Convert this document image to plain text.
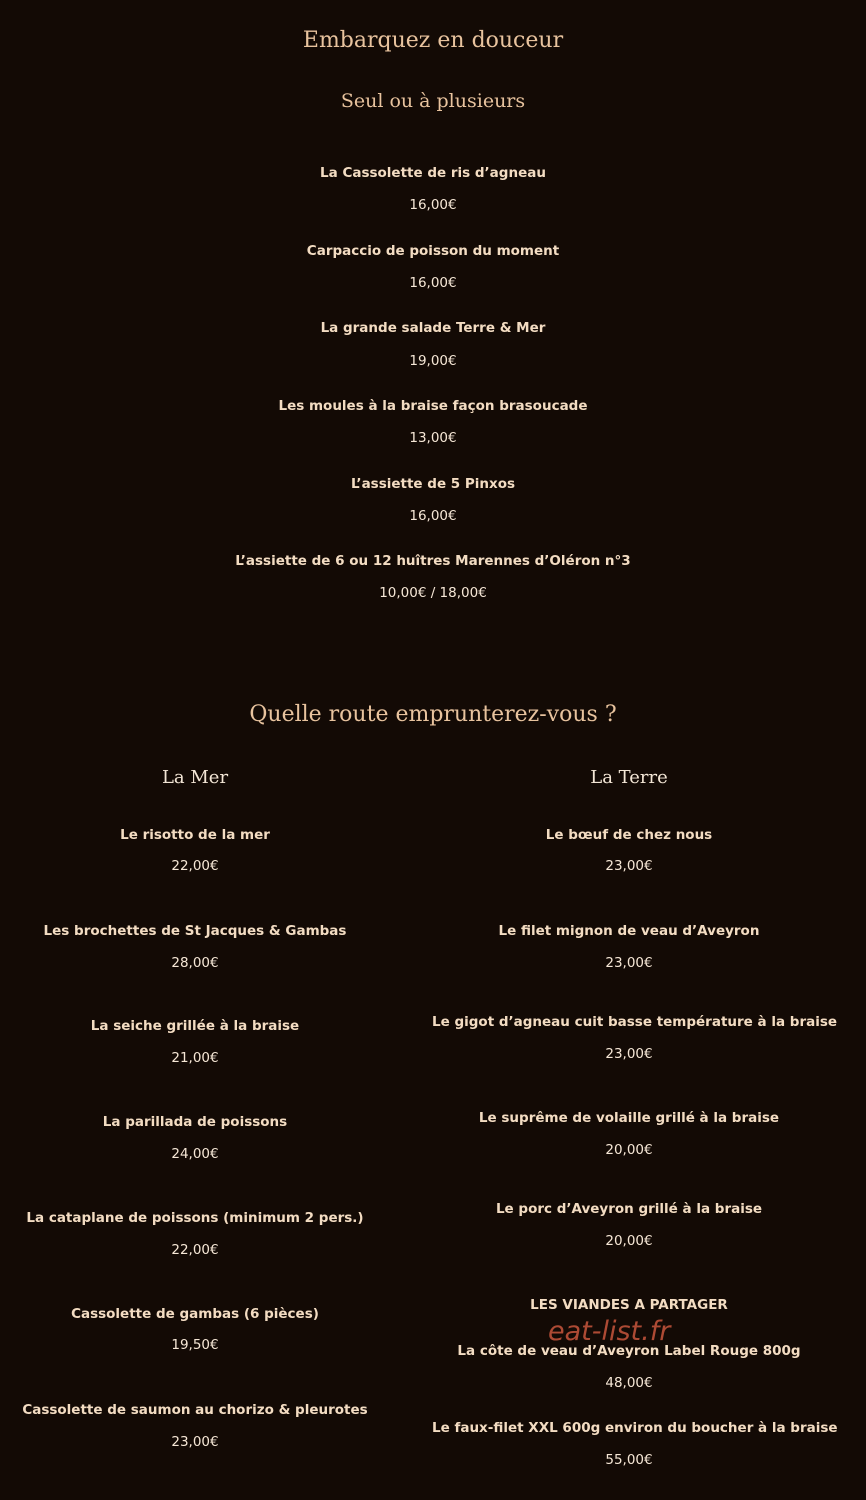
Embarquez en douceur
Seul ou à plusieurs
La Cassolette de ris d’agneau
16,00€
Carpaccio de poisson du moment
16,00€
La grande salade Terre & Mer
19,00€
Les moules à la braise façon brasoucade
13,00€
L’assiette de 5 Pinxos
16,00€
L’assiette de 6 ou 12 huîtres Marennes d’Oléron n°3
10,00€ / 18,00€
Quelle route emprunterez-vous ?
La Mer
Le risotto de la mer
22,00€
Les brochettes de St Jacques & Gambas
28,00€
La seiche grillée à la braise
21,00€
La parillada de poissons
24,00€
La cataplane de poissons (minimum 2 pers.)
22,00€
Cassolette de gambas (6 pièces)
19,50€
Cassolette de saumon au chorizo & pleurotes
23,00€
La Terre
Le bœuf de chez nous
23,00€
Le filet mignon de veau d’Aveyron
23,00€
Le gigot d’agneau cuit basse température à la braise
23,00€
Le suprême de volaille grillé à la braise
20,00€
Le porc d’Aveyron grillé à la braise
20,00€
LES VIANDES A PARTAGER
La côte de veau d’Aveyron Label Rouge 800g
48,00€
Le faux-filet XXL 600g environ du boucher à la braise
55,00€
eat-list.fr
